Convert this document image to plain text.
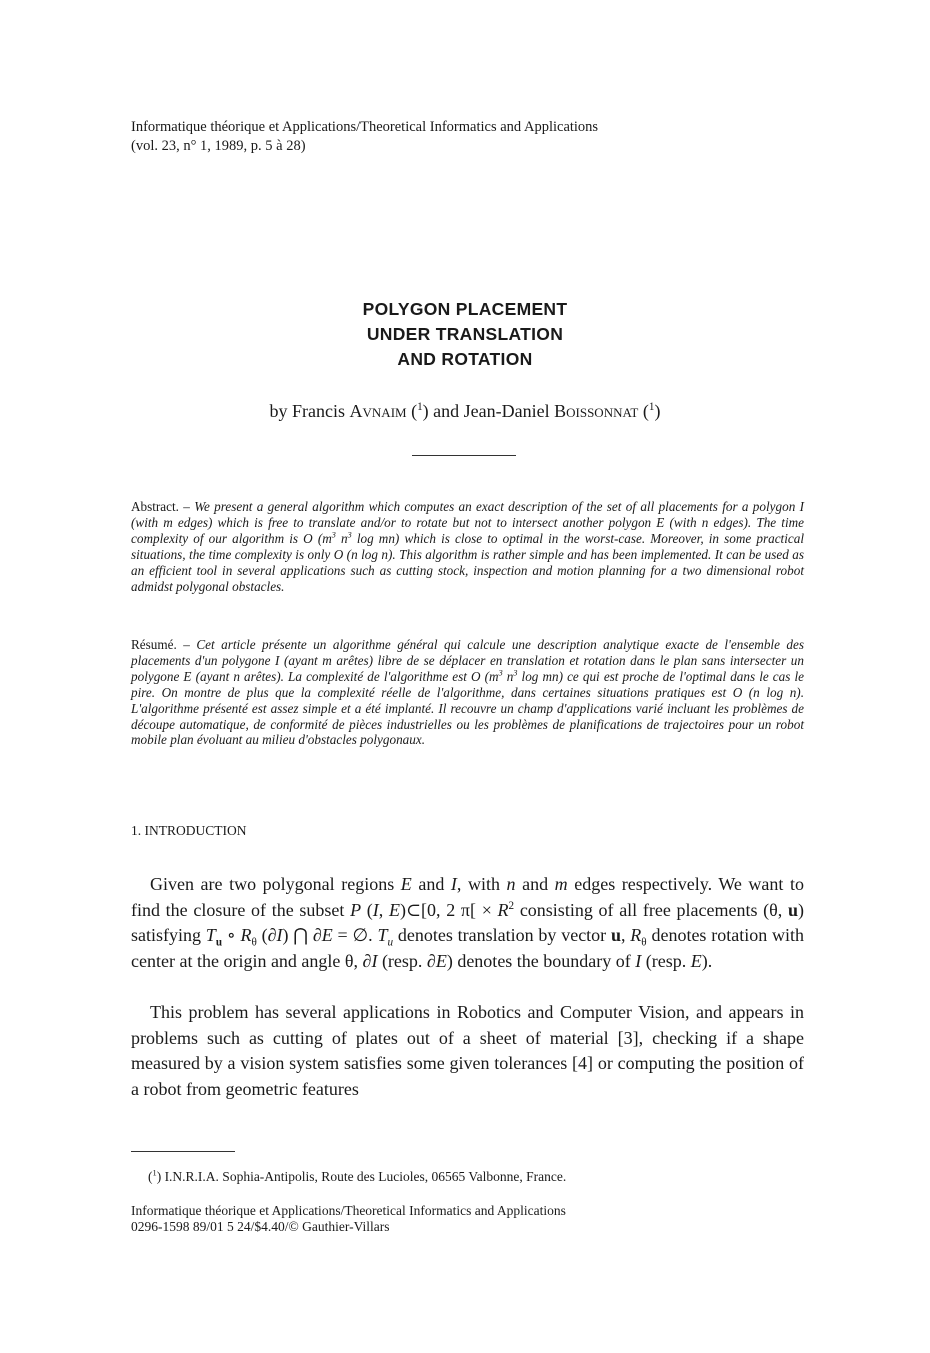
Informatique théorique et Applications/Theoretical Informatics and Applications
(vol. 23, n° 1, 1989, p. 5 à 28)
POLYGON PLACEMENT
UNDER TRANSLATION
AND ROTATION
by Francis Avnaim ($^1$) and Jean-Daniel Boissonnat ($^1$)
Abstract. – We present a general algorithm which computes an exact description of the set of all placements for a polygon I (with m edges) which is free to translate and/or to rotate but not to intersect another polygon E (with n edges). The time complexity of our algorithm is O ($m^3$ $n^3$ log mn) which is close to optimal in the worst-case. Moreover, in some practical situations, the time complexity is only O (n log n). This algorithm is rather simple and has been implemented. It can be used as an efficient tool in several applications such as cutting stock, inspection and motion planning for a two dimensional robot admidst polygonal obstacles.
Résumé. – Cet article présente un algorithme général qui calcule une description analytique exacte de l'ensemble des placements d'un polygone I (ayant m arêtes) libre de se déplacer en translation et rotation dans le plan sans intersecter un polygone E (ayant n arêtes). La complexité de l'algorithme est O ($m^3$ $n^3$ log mn) ce qui est proche de l'optimal dans le cas le pire. On montre de plus que la complexité réelle de l'algorithme, dans certaines situations pratiques est O (n log n). L'algorithme présenté est assez simple et a été implanté. Il recouvre un champ d'applications varié incluant les problèmes de découpe automatique, de conformité de pièces industrielles ou les problèmes de planifications de trajectoires pour un robot mobile plan évoluant au milieu d'obstacles polygonaux.
1. INTRODUCTION
Given are two polygonal regions E and I, with n and m edges respectively. We want to find the closure of the subset P (I, E)⊂[0, 2 $\pi[ \times R^2$ consisting of all free placements (θ, u) satisfying $T_u$ ∘ $R_\theta$ (∂I) ⋂ ∂E = ∅. $T_u$ denotes translation by vector u, $R_\theta$ denotes rotation with center at the origin and angle θ, ∂I (resp. ∂E) denotes the boundary of I (resp. E).
This problem has several applications in Robotics and Computer Vision, and appears in problems such as cutting of plates out of a sheet of material [3], checking if a shape measured by a vision system satisfies some given tolerances [4] or computing the position of a robot from geometric features
($^1$) I.N.R.I.A. Sophia-Antipolis, Route des Lucioles, 06565 Valbonne, France.
Informatique théorique et Applications/Theoretical Informatics and Applications
0296-1598 89/01 5 24/$4.40/© Gauthier-Villars
